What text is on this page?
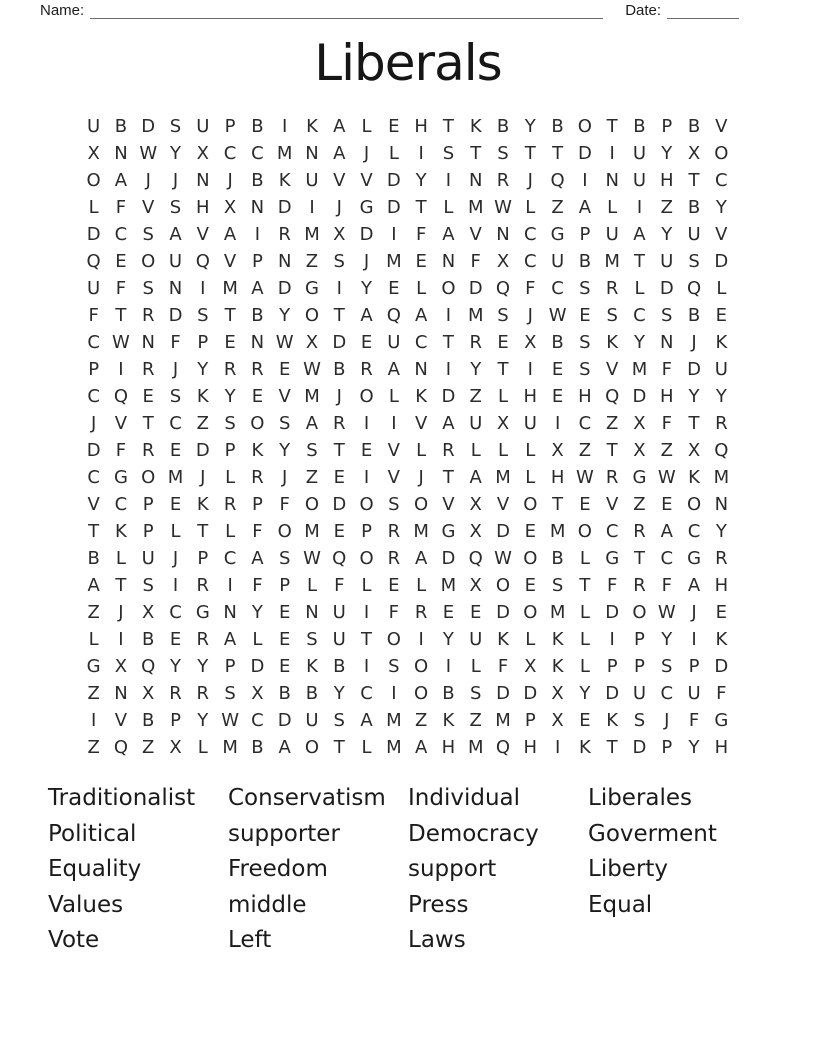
Name:	Date:
Liberals
U B D S U P B	I	K A L E H T K B Y B O T B P B V
X N W Y X C C M N A	J	L	I	S T S T T D I	U Y X O
O A	J	J N J	B K U V V D Y	I N R	J Q I N U H T C
L F V S H X N D I	J G D T L M W L Z A L	I	Z B Y
D C S A V A	I	R M X D I	F A V N C G P U A Y U V
Q E O U Q V P N Z S	J M E N F X C U B M T U S D
U F S N I M A D G I	Y E L O D Q F C S R L D Q L
F T R D S T B Y O T A Q A	I M S	J W E S C S B E
C W N F P E N W X D E U C T R E X B S K Y N J	K
P	I	R	J	Y R R E W B R A N I	Y T	I	E S V M F D U
C Q E S K Y E V M J O L K D Z L H E H Q D H Y Y
J	V T C Z S O S A R	I	I	V A U X U	I	C Z X F T R
D F R E D P K Y S T E V L R L L L X Z T X Z X Q
C G O M J	L R	J	Z E	I	V	J	T A M L H W R G W K M
V C P E K R P F O D O S O V X V O T E V Z E O N
T K P L T L F O M E P R M G X D E M O C R A C Y
B L U	J	P C A S W Q O R A D Q W O B L G T C G R
A T S	I	R	I	F P L F L E L M X O E S T F R F A H
Z	J	X C G N Y E N U	I	F R E E D O M L D O W J	E
L	I	B E R A L E S U T O I	Y U K L K L	I	P Y	I	K
G X Q Y Y P D E K B	I	S O I	L F X K L P P S P D
Z N X R R S X B B Y C	I O B S D D X Y D U C U F
I	V B P Y W C D U S A M Z K Z M P X E K S	J	F G
Z Q Z X L M B A O T L M A H M Q H I	K T D P Y H
Traditionalist
Political
Equality
Values
Vote
Conservatism
supporter
Freedom
middle
Left
Individual
Democracy
support
Press
Laws
Liberales
Goverment
Liberty
Equal
